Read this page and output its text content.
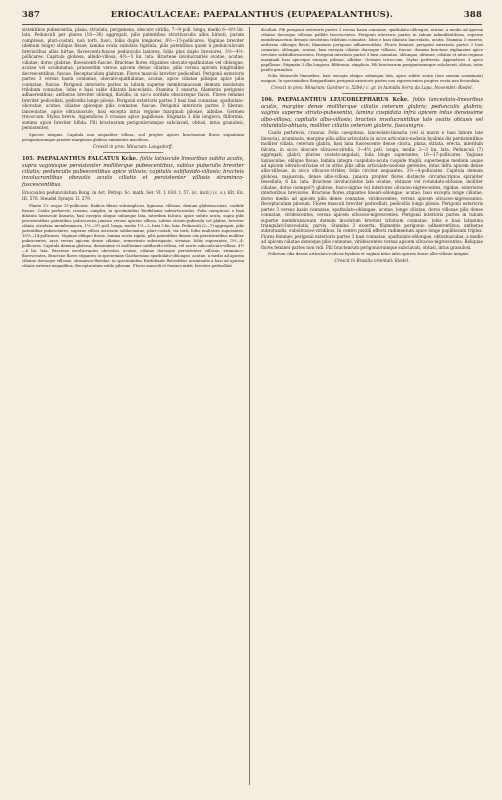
387	ERIOCAULACEAE: PAEPALANTHUS (EUPAEPALANTHUS).	388

sistentibus pubescentia, plana, striolata, pergamena, obscure viridia, 7—9 poll. longa, medio 6—8½ lin. lata. Pedunculi per plures (16—36) aggregati, pilis patentibus strictiusculis albis hirsuti, parum compressi, pluri-costati, non torti, fusci, foliis duplo longiores, 8½—15-pollicares. Vaginae breviter (demum longe) obliquo fissae, lamina ovata subulata rigidula, pilis patentibus quam ii pedunculorum brevioribus albis hirtae, flavescenti-fuscae pedunculis laxiores, foliis plus duplo breviores, 3½—4½-pollicares. Capitula globosa, albido-villosa, 4½—5 lin. lata. Bracteae involucrantes ovatae, acutae, ciliatae, dorso glabrae, flavescenti-fuscae. Bracteae flores stipantes obovato-spathulatae vel oblongae, acutae vel acuminatae, praesertim versus apicem dense ciliatae, pilis versus apicem longitudine decrescentibus, fuscae. Receptaculum glabrum. Flores masculi breviter pedicellati. Perigonii exterioris partes 3 versus basin connatae, obovato-spathulatae, acutae, apice ciliatae pilisque apice pilis connatae, fuscae. Perigonii interioris partes in tubum superne membranaceum demum insolutum trilobum connatae, lobis e basi valde dilatata lanceolatis. Stamina 3 exserta; filamenta perigonio adhaerentibus; antherae breviter oblongi, flavidis, in sicco sordide obscureque flavis. Flores feminei breviter pedicellati, pedicellis longe pilosis. Perigonii exterioris partes 3 basi basi connatae, spathulato-obovatae, acutae, ciliatae apiceque pilis connatae, fuscae. Perigonii interioris partes 3 liberae, lanceolatae, apice obtusiuscule, basi excepta intus regione marginali pilosae, albidae. Germen tricoccum. Stylus brevis. Appendices 3 crassae apice papillosae. Stigmata 3 illis longiora, filiformia, summo apice breviter bifida. Pili bractearum perigoniorumque subclavati, obtusi, intus granulosi, persistentes.

Species insignis. Capitula non aequaliter villosa, sed propter apices bractearum flores stipantium perigoniorumque praeter marginem glabros eminentes maculosa.

Crescit in prov. Minarum: Langsdorff.

105. PAEPALANTHUS FALCATUS Kcke. foliis latiuscule linearibus subito acutis, supra vaginisque persistenter molliterque pubescentibus, subtus puberulis breviter ciliatis; pedunculis pubescentibus apice villosis; capitulis subflavido-villosis; bracteis involucrantibus obovatis acutis ciliatis et persistenter villosis straminco-fuscescentibus.

Eriocaulon pedunculatum Bong. in Act. Petrop. Sc. math. Ser. VI. I. 630. t. 57. (ic. incd.) (c. s.). Klt. En. III. 576. Steudel Synops. II. 279.

Planta 13- usque 15-pollicaris. Radicis fibrae subsimplices, lignosae, villosae, demum glabrinscutiae, sordide fuscae. Caulis perbrevis, crassus, simplex, in speciminibus Riedelianis subtorticosulus. Folia caespitosa, e basi dilatata latiuscule linearia, basi excepta obiquo subaeque lata, interdum falcata, apice subito acuta, supra pilis persistentibus patentibus pubescentia juniora versus apicem villosa, subtus striato-puberula vel glabra, breviter ciliata, striolata, membranacea, 1½—3½ poll. longa, medio 1½—2, basi 3 lin. lata. Pedunculi (2—7) aggregati, pilis patentibus pubescentes, superne villosi sericento sublacinatae, pluri-costati, vix torti, foliis multoties superantes, 10½—14-pollicares. Vaginae oblique fissae, lamina acuta rigida, pilis patentibus densis ciis persistentibus molliter pubescentes, arce versus apicem dense ciliatae, semestrato substrigante, striatae, foliis superantes, 3½—4-pollicares. Capitula demum globosa, densissime et mollissime subflavido-villosa, vel acute subconbcato-villosa, 4½—6 lin. lata. Bracteae involucrantes obovatae, acutae, ciliatae dorsoque persistenter villosae, straminco-flavescentes. Bracteae flores stipantes in speciemine Gardueriano spathulato-oblongae, acutae, a medio ad apicem ciliatae dorsoque villosae, straminco-flavidae; in speciminibus Riedelianis florentibus acuminatis a basi ad apicem ciliatis externa aequalibus. Receptaculum valde pilosum. Flores masculi et feminei mixti, breviter pedicellati.

dicellati. Pili perigonii exterioris partes 3 versus basin connatae, spathulato-oblongae, acutae, a medio ad apicem ciliatae dorsoque villosae pallide fuscescentes. Perigonii interioris partes in tubum infundibuliform, superne membranaceum demum involutum trilobum connatae, lobis e basi dilatata lanceolatis, acutis. Stamina 3 exserta; antherae oblongis flavis; filamentis perigonio adhaerentibus. Flores feminei: perigonii exterioris partes 3 basi connatae, oblongae, acutae, basi excepta ciliatae dorsoque villosae, fuscae, demum bracteae explanatae apice revolute subduflavescentes. Perigonii interioris partes 3 basi connatae, oblongae, obtusae, ciliatae et intus regione marginali basi apiceque excepta pilosae, albidae. Germen tricoccum. Stylus perbrevis. Appendices 3 apice papillosae. Stigmata 3 illis longiora, filiformia, simplicia. Pili bractearum perigoniorumque subclavati, obtusi, intus paullo granulosi.

Folia latiuscule linearibus, basi excepta obiquo subaequa lata, apice subito acuta (non sensim acuminata) insignis. In speciminibus Bongardianis perigonii exterioris partes non rigorescentes propter ovata non fecundata.

Crescit in prov. Minarum: Gardner n. 5284./ c. gr. in humidis Serra da Lapa, Novembri: Riedel.

106. PAEPALANTHUS LEUCOBLEPHARUS Kcke. foliis lanceolato-linearibus acutis, margine dense molliterque ciliatis ceterum glabris; pedunculis glabris; vaginis superne striato-pubesentia, lamina cuspidata infra apicem intus densissime albo-villosa; capitulis albo-villosis; bracteis involucrantibus late ovatis obtusis vel rotundato-obtusis, molliter ciliatis ceterum glabris, fuscanigris.

Caulis perbrevis, crassus. Folia caespitosa, lanceolato-linearia (vel si mavis e basi latiore late linearia), acuminata, margine pilis albis articulatis in sicco articulato-nodosis hyalinis dis persistentibus molliter ciliata, ceterum glabra, basi lana fuscescente dense cincta, plana, striata, erecta, interdum falcata, in sicco obscure olivaceo-viridia, 3—4½ poll. longa, medio 2—3 lin. lata. Pedunculi (7) aggregati, glabri, pluries costato-angulati, folia longe superantes, 16—17-pollicares. Vaginae laxiusculae, oblique fissae, lamina integra cuspidato-acuta cuspide fragili, superneque medium usque ad apicem elevato-striatae et in striis pilis albis articulato-nodosis gerentes, intus infra apicem dense albo-villosae, in sicco olivaceo-virides, foliis circiter aequantes, 3½—4-pollicares. Capitula demum globosa, majuscula, dense albo-villosa, juniora propter flores distincte circumscriptos spiraliter tessellata, 6 lin. lata. Bracteae involucrantes late ovatae, obtusae vel rotundato-obtusae, molliter ciliatae, dorso (semper?) glabrae, fusco-nigrae vel interiores olivaceo-nigrescentes, rigidae, exteriores interioribus breviores. Bracteae flores stipantes lineari-oblongae, acutae, basi excepta longe ciliatae, dorso medio ad apicem pilis dense connatae, viridescentes, versus apicem olivaceo-nigrescentes. Receptaculum pilosum. Flores masculi breviter pedicellati, pedicellis longo pilosis. Perigonii exterioris partes 3 versus basin connatae, spathulato-oblongae, acutae, longe ciliatae, dorso villosae pilis dense connatae, viridescentes, versus apicem olivaceo-nigrescentes. Perigonii interioris partes in tubum superne membranaceum demum involutum breviter trilobum connatae, lobis e basi latissima triangulari-lanceolatis, parvis. Stamina 3 exserta; filamentis perigonio adhaerentibus; antherae subrotundis, subolivaceo-viridibus. In centro pistilli effecti rudimentum apice longe papilliosum triplex. Flores feminei: perigonii exterioris partes 3 basi connatae, spathulato-oblongae, obtusiusculae, a medio ad apicem ciliatae dorsoque pilis connatae, viridescentes versus apicem olivaceo-nigrescentes. Reliquae flores feminei partes non vidi. Pili bractearum perigoniorumque subclavati, obtusi, intus granulosi.

Foliorum cilia densis articulato-nodosis hyalinis et vaginis intus infra apicem dense albo-villosis insignis.

Crescit in Brasilia orientali: Riedel.
